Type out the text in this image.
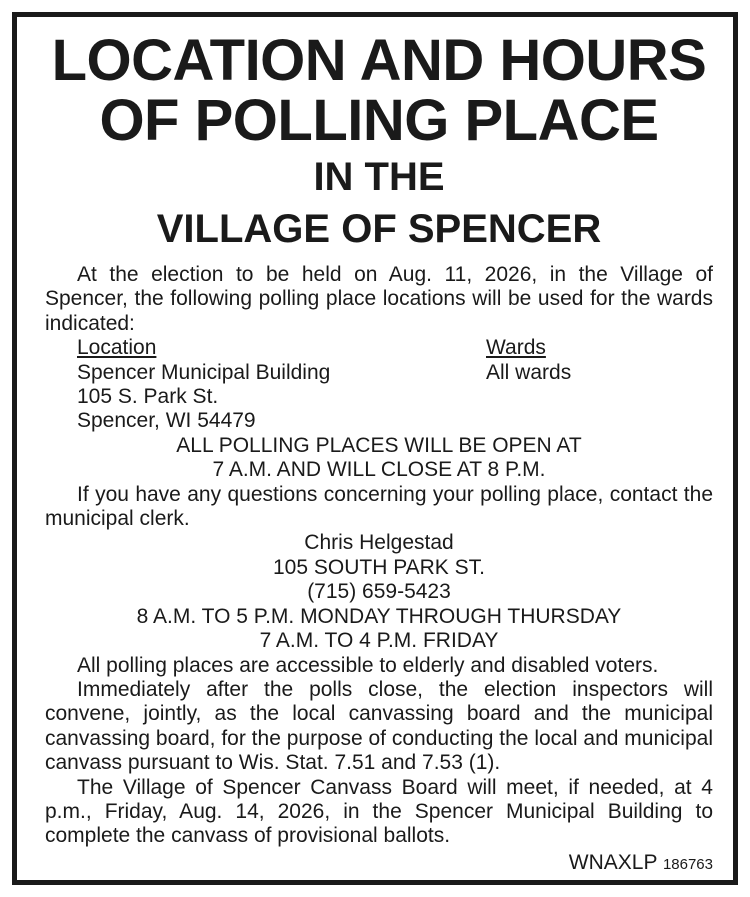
LOCATION AND HOURS

OF POLLING PLACE

IN THE

VILLAGE OF SPENCER

At the election to be held on Aug. 11, 2026, in the Village of Spencer, the following polling place locations will be used for the wards indicated:

Location	Wards
Spencer Municipal Building	All wards
105 S. Park St.
Spencer, WI 54479

ALL POLLING PLACES WILL BE OPEN AT

7 A.M. AND WILL CLOSE AT 8 P.M.

If you have any questions concerning your polling place, contact the municipal clerk.

Chris Helgestad

105 SOUTH PARK ST.

(715) 659-5423

8 A.M. TO 5 P.M. MONDAY THROUGH THURSDAY

7 A.M. TO 4 P.M. FRIDAY

All polling places are accessible to elderly and disabled voters.

Immediately after the polls close, the election inspectors will convene, jointly, as the local canvassing board and the municipal canvassing board, for the purpose of conducting the local and municipal canvass pursuant to Wis. Stat. 7.51 and 7.53 (1).

The Village of Spencer Canvass Board will meet, if needed, at 4 p.m., Friday, Aug. 14, 2026, in the Spencer Municipal Building to complete the canvass of provisional ballots.

WNAXLP 186763
